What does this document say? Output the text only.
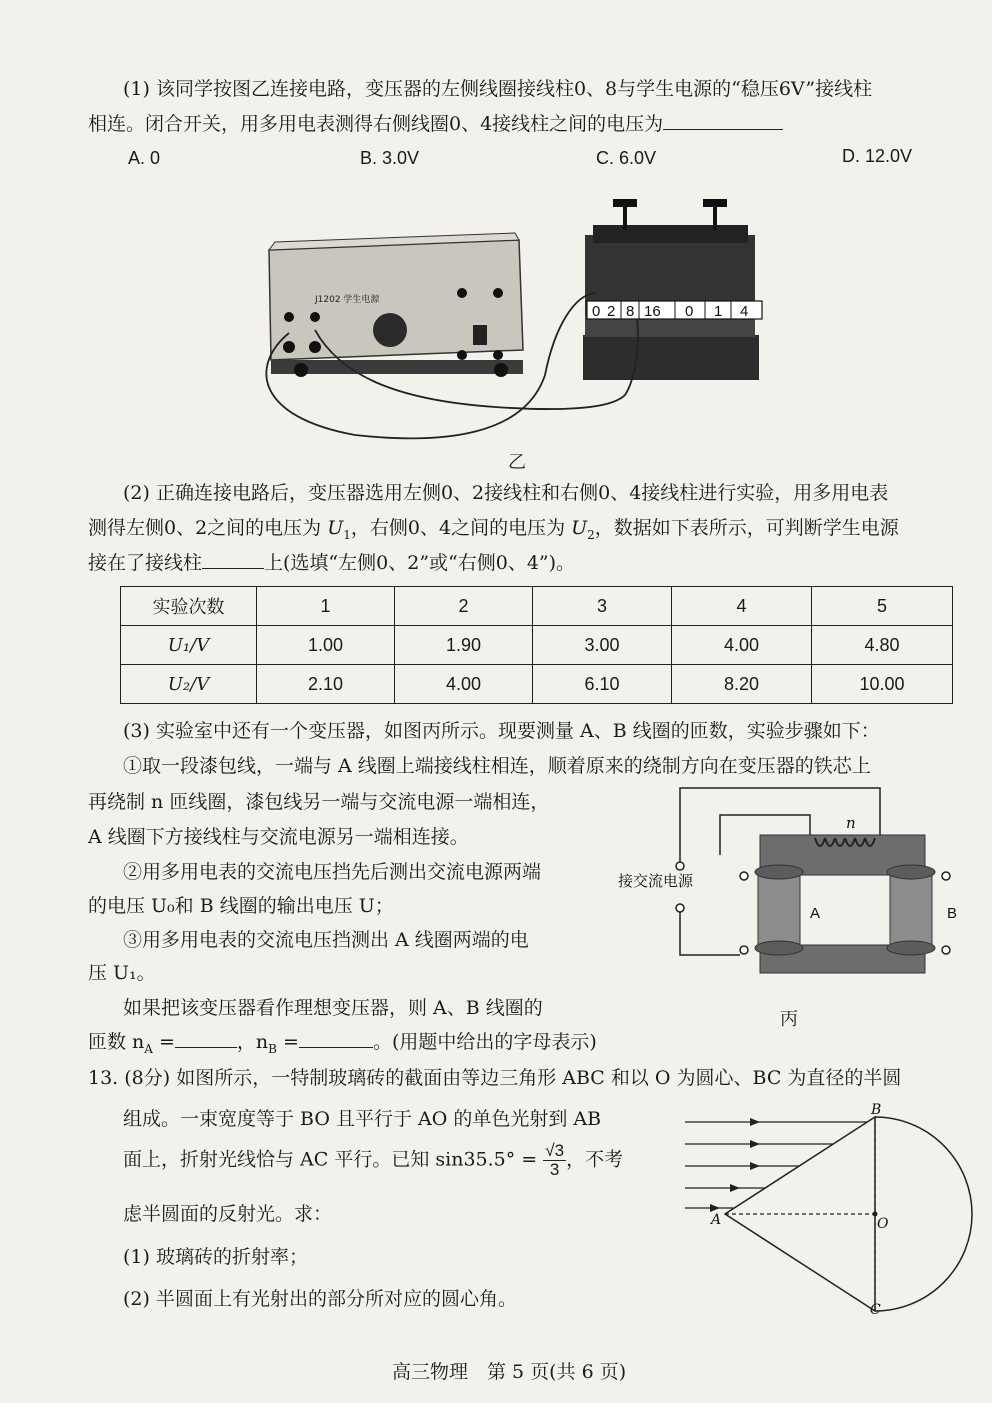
(1) 该同学按图乙连接电路，变压器的左侧线圈接线柱0、8与学生电源的“稳压6V”接线柱
相连。闭合开关，用多用电表测得右侧线圈0、4接线柱之间的电压为
A. 0	B. 3.0V	C. 6.0V	D. 12.0V
J1202 学生电源
0 2 8 16 0 1 4
乙
(2) 正确连接电路后，变压器选用左侧0、2接线柱和右侧0、4接线柱进行实验，用多用电表
测得左侧0、2之间的电压为 $U_1$，右侧0、4之间的电压为 $U_2$，数据如下表所示，可判断学生电源
接在了接线柱	上(选填“左侧0、2”或“右侧0、4”)。
实验次数	1	2	3	4	5
U₁/V	1.00	1.90	3.00	4.00	4.80
U₂/V	2.10	4.00	6.10	8.20	10.00
(3) 实验室中还有一个变压器，如图丙所示。现要测量 A、B 线圈的匝数，实验步骤如下：
①取一段漆包线，一端与 A 线圈上端接线柱相连，顺着原来的绕制方向在变压器的铁芯上
再绕制 n 匝线圈，漆包线另一端与交流电源一端相连，
A 线圈下方接线柱与交流电源另一端相连接。
②用多用电表的交流电压挡先后测出交流电源两端
的电压 U₀和 B 线圈的输出电压 U；
③用多用电表的交流电压挡测出 A 线圈两端的电
压 U₁。
如果把该变压器看作理想变压器，则 A、B 线圈的
匝数 $n_A$ =	，$n_B$ =	。(用题中给出的字母表示)
n
A	B
接交流电源
丙
13. (8分) 如图所示，一特制玻璃砖的截面由等边三角形 ABC 和以 O 为圆心、BC 为直径的半圆
组成。一束宽度等于 BO 且平行于 AO 的单色光射到 AB
面上，折射光线恰与 AC 平行。已知 $\sin 35.5^\circ = \frac{√3}{3}$ ，不考
虑半圆面的反射光。求：
(1) 玻璃砖的折射率；
(2) 半圆面上有光射出的部分所对应的圆心角。
A
B
C
O
高三物理　第 5 页(共 6 页)
